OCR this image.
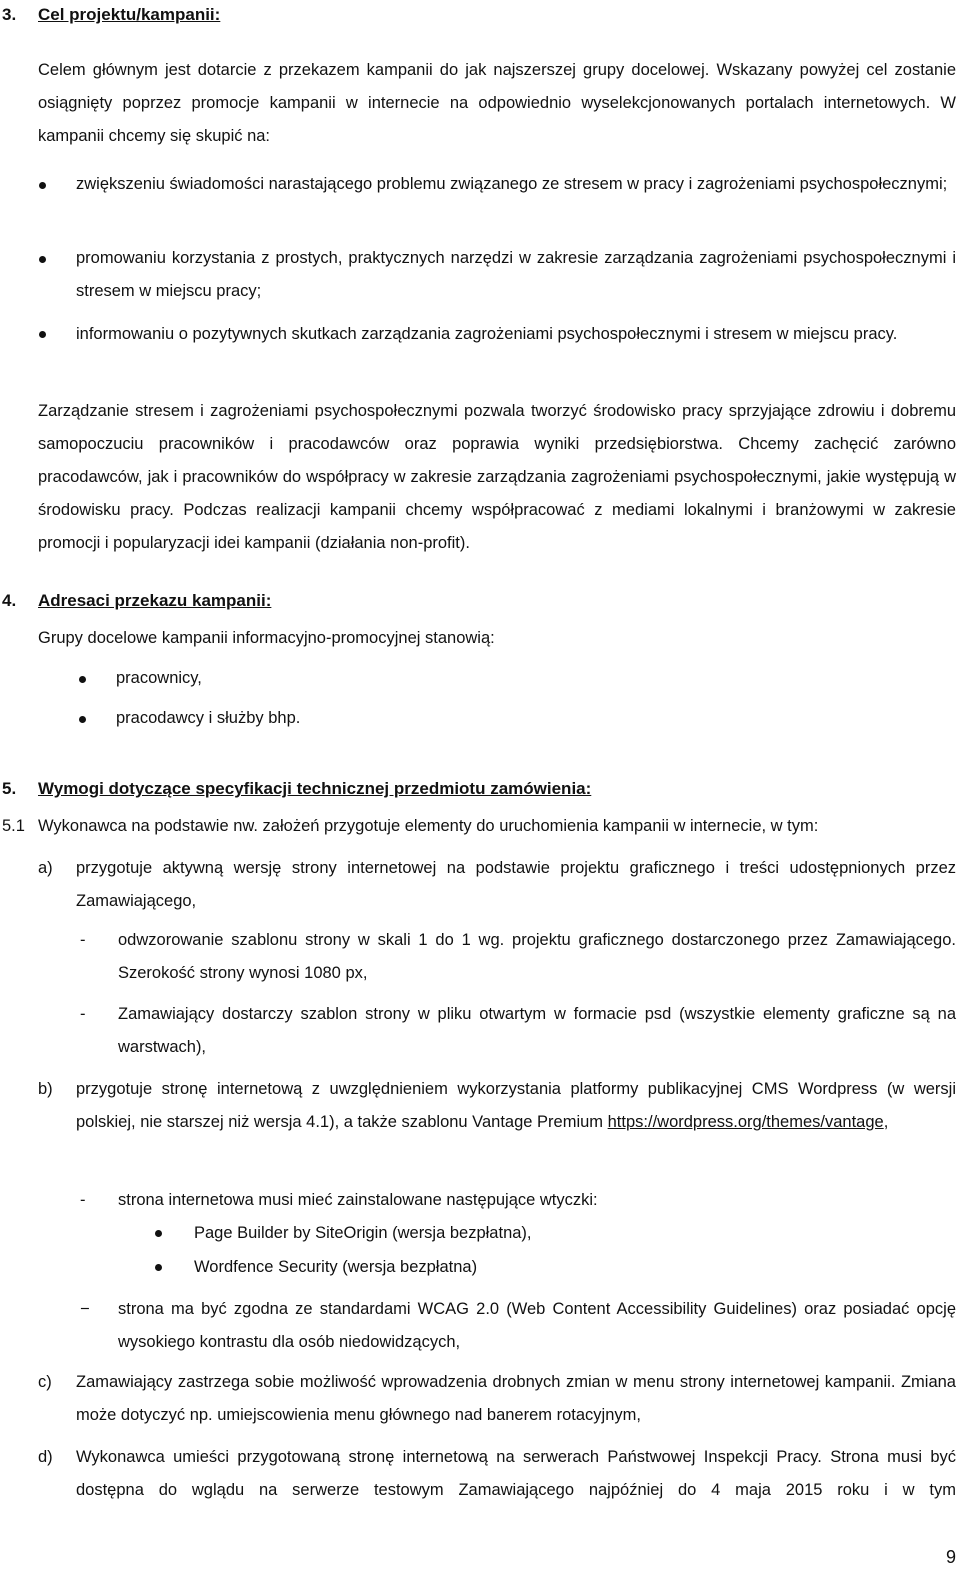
3. Cel projektu/kampanii:

Celem głównym jest dotarcie z przekazem kampanii do jak najszerszej grupy docelowej. Wskazany powyżej cel zostanie osiągnięty poprzez promocje kampanii w internecie na odpowiednio wyselekcjonowanych portalach internetowych. W kampanii chcemy się skupić na:

zwiększeniu świadomości narastającego problemu związanego ze stresem w pracy i zagrożeniami psychospołecznymi;

promowaniu korzystania z prostych, praktycznych narzędzi w zakresie zarządzania zagrożeniami psychospołecznymi i stresem w miejscu pracy;

informowaniu o pozytywnych skutkach zarządzania zagrożeniami psychospołecznymi i stresem w miejscu pracy.

Zarządzanie stresem i zagrożeniami psychospołecznymi pozwala tworzyć środowisko pracy sprzyjające zdrowiu i dobremu samopoczuciu pracowników i pracodawców oraz poprawia wyniki przedsiębiorstwa. Chcemy zachęcić zarówno pracodawców, jak i pracowników do współpracy w zakresie zarządzania zagrożeniami psychospołecznymi, jakie występują w środowisku pracy. Podczas realizacji kampanii chcemy współpracować z mediami lokalnymi i branżowymi w zakresie promocji i popularyzacji idei kampanii (działania non-profit).

4. Adresaci przekazu kampanii:

Grupy docelowe kampanii informacyjno-promocyjnej stanowią:

pracownicy,

pracodawcy i służby bhp.

5. Wymogi dotyczące specyfikacji technicznej przedmiotu zamówienia:

5.1 Wykonawca na podstawie nw. założeń przygotuje elementy do uruchomienia kampanii w internecie, w tym:

a) przygotuje aktywną wersję strony internetowej na podstawie projektu graficznego i treści udostępnionych przez Zamawiającego,

- odwzorowanie szablonu strony w skali 1 do 1 wg. projektu graficznego dostarczonego przez Zamawiającego. Szerokość strony wynosi 1080 px,

- Zamawiający dostarczy szablon strony w pliku otwartym w formacie psd (wszystkie elementy graficzne są na warstwach),

b) przygotuje stronę internetową z uwzględnieniem wykorzystania platformy publikacyjnej CMS Wordpress (w wersji polskiej, nie starszej niż wersja 4.1), a także szablonu Vantage Premium https://wordpress.org/themes/vantage,

- strona internetowa musi mieć zainstalowane następujące wtyczki:

Page Builder by SiteOrigin (wersja bezpłatna),

Wordfence Security (wersja bezpłatna)

− strona ma być zgodna ze standardami WCAG 2.0 (Web Content Accessibility Guidelines) oraz posiadać opcję wysokiego kontrastu dla osób niedowidzących,

c) Zamawiający zastrzega sobie możliwość wprowadzenia drobnych zmian w menu strony internetowej kampanii. Zmiana może dotyczyć np. umiejscowienia menu głównego nad banerem rotacyjnym,

d) Wykonawca umieści przygotowaną stronę internetową na serwerach Państwowej Inspekcji Pracy. Strona musi być dostępna do wglądu na serwerze testowym Zamawiającego najpóźniej do 4 maja 2015 roku i w tym

9
